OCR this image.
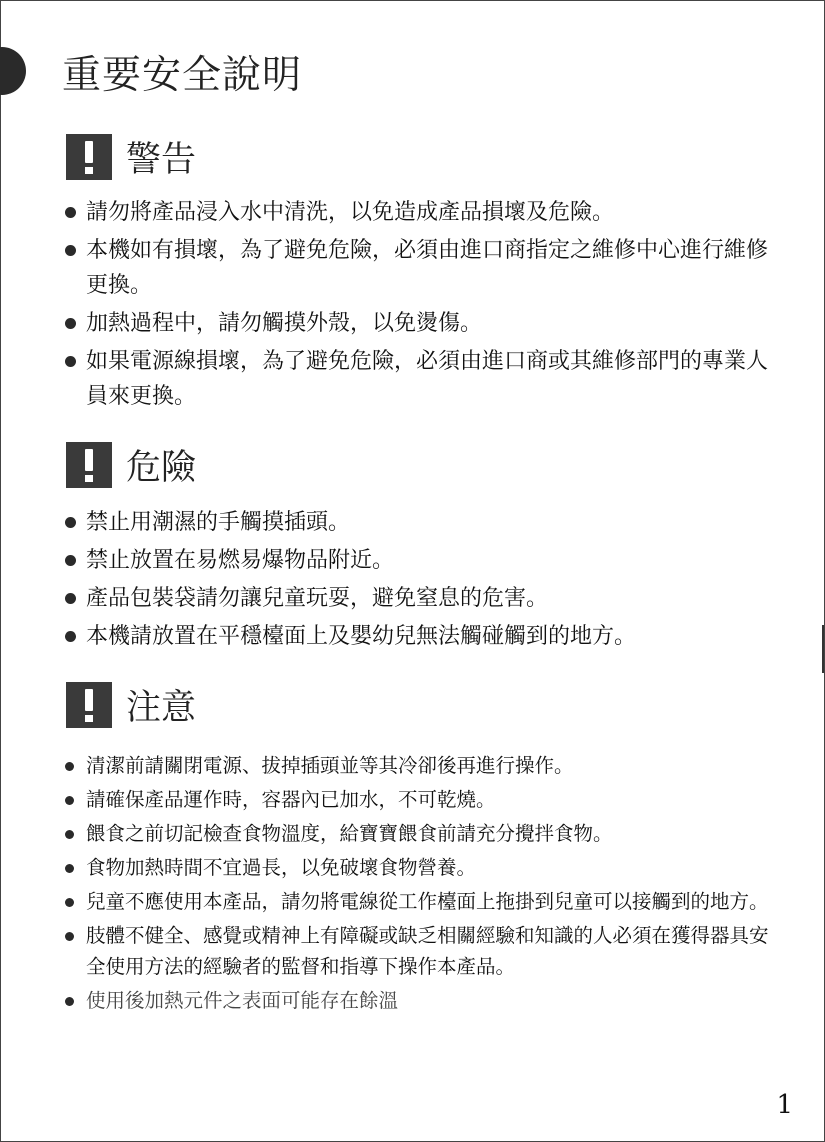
重要安全說明
警告
請勿將產品浸入水中清洗，以免造成產品損壞及危險。
本機如有損壞，為了避免危險，必須由進口商指定之維修中心進行維修更換。
加熱過程中，請勿觸摸外殼，以免燙傷。
如果電源線損壞，為了避免危險，必須由進口商或其維修部門的專業人員來更換。
危險
禁止用潮濕的手觸摸插頭。
禁止放置在易燃易爆物品附近。
產品包裝袋請勿讓兒童玩耍，避免窒息的危害。
本機請放置在平穩檯面上及嬰幼兒無法觸碰觸到的地方。
注意
清潔前請關閉電源、拔掉插頭並等其冷卻後再進行操作。
請確保產品運作時，容器內已加水，不可乾燒。
餵食之前切記檢查食物溫度，給寶寶餵食前請充分攪拌食物。
食物加熱時間不宜過長，以免破壞食物營養。
兒童不應使用本產品，請勿將電線從工作檯面上拖掛到兒童可以接觸到的地方。
肢體不健全、感覺或精神上有障礙或缺乏相關經驗和知識的人必須在獲得器具安全使用方法的經驗者的監督和指導下操作本產品。
使用後加熱元件之表面可能存在餘溫
1
